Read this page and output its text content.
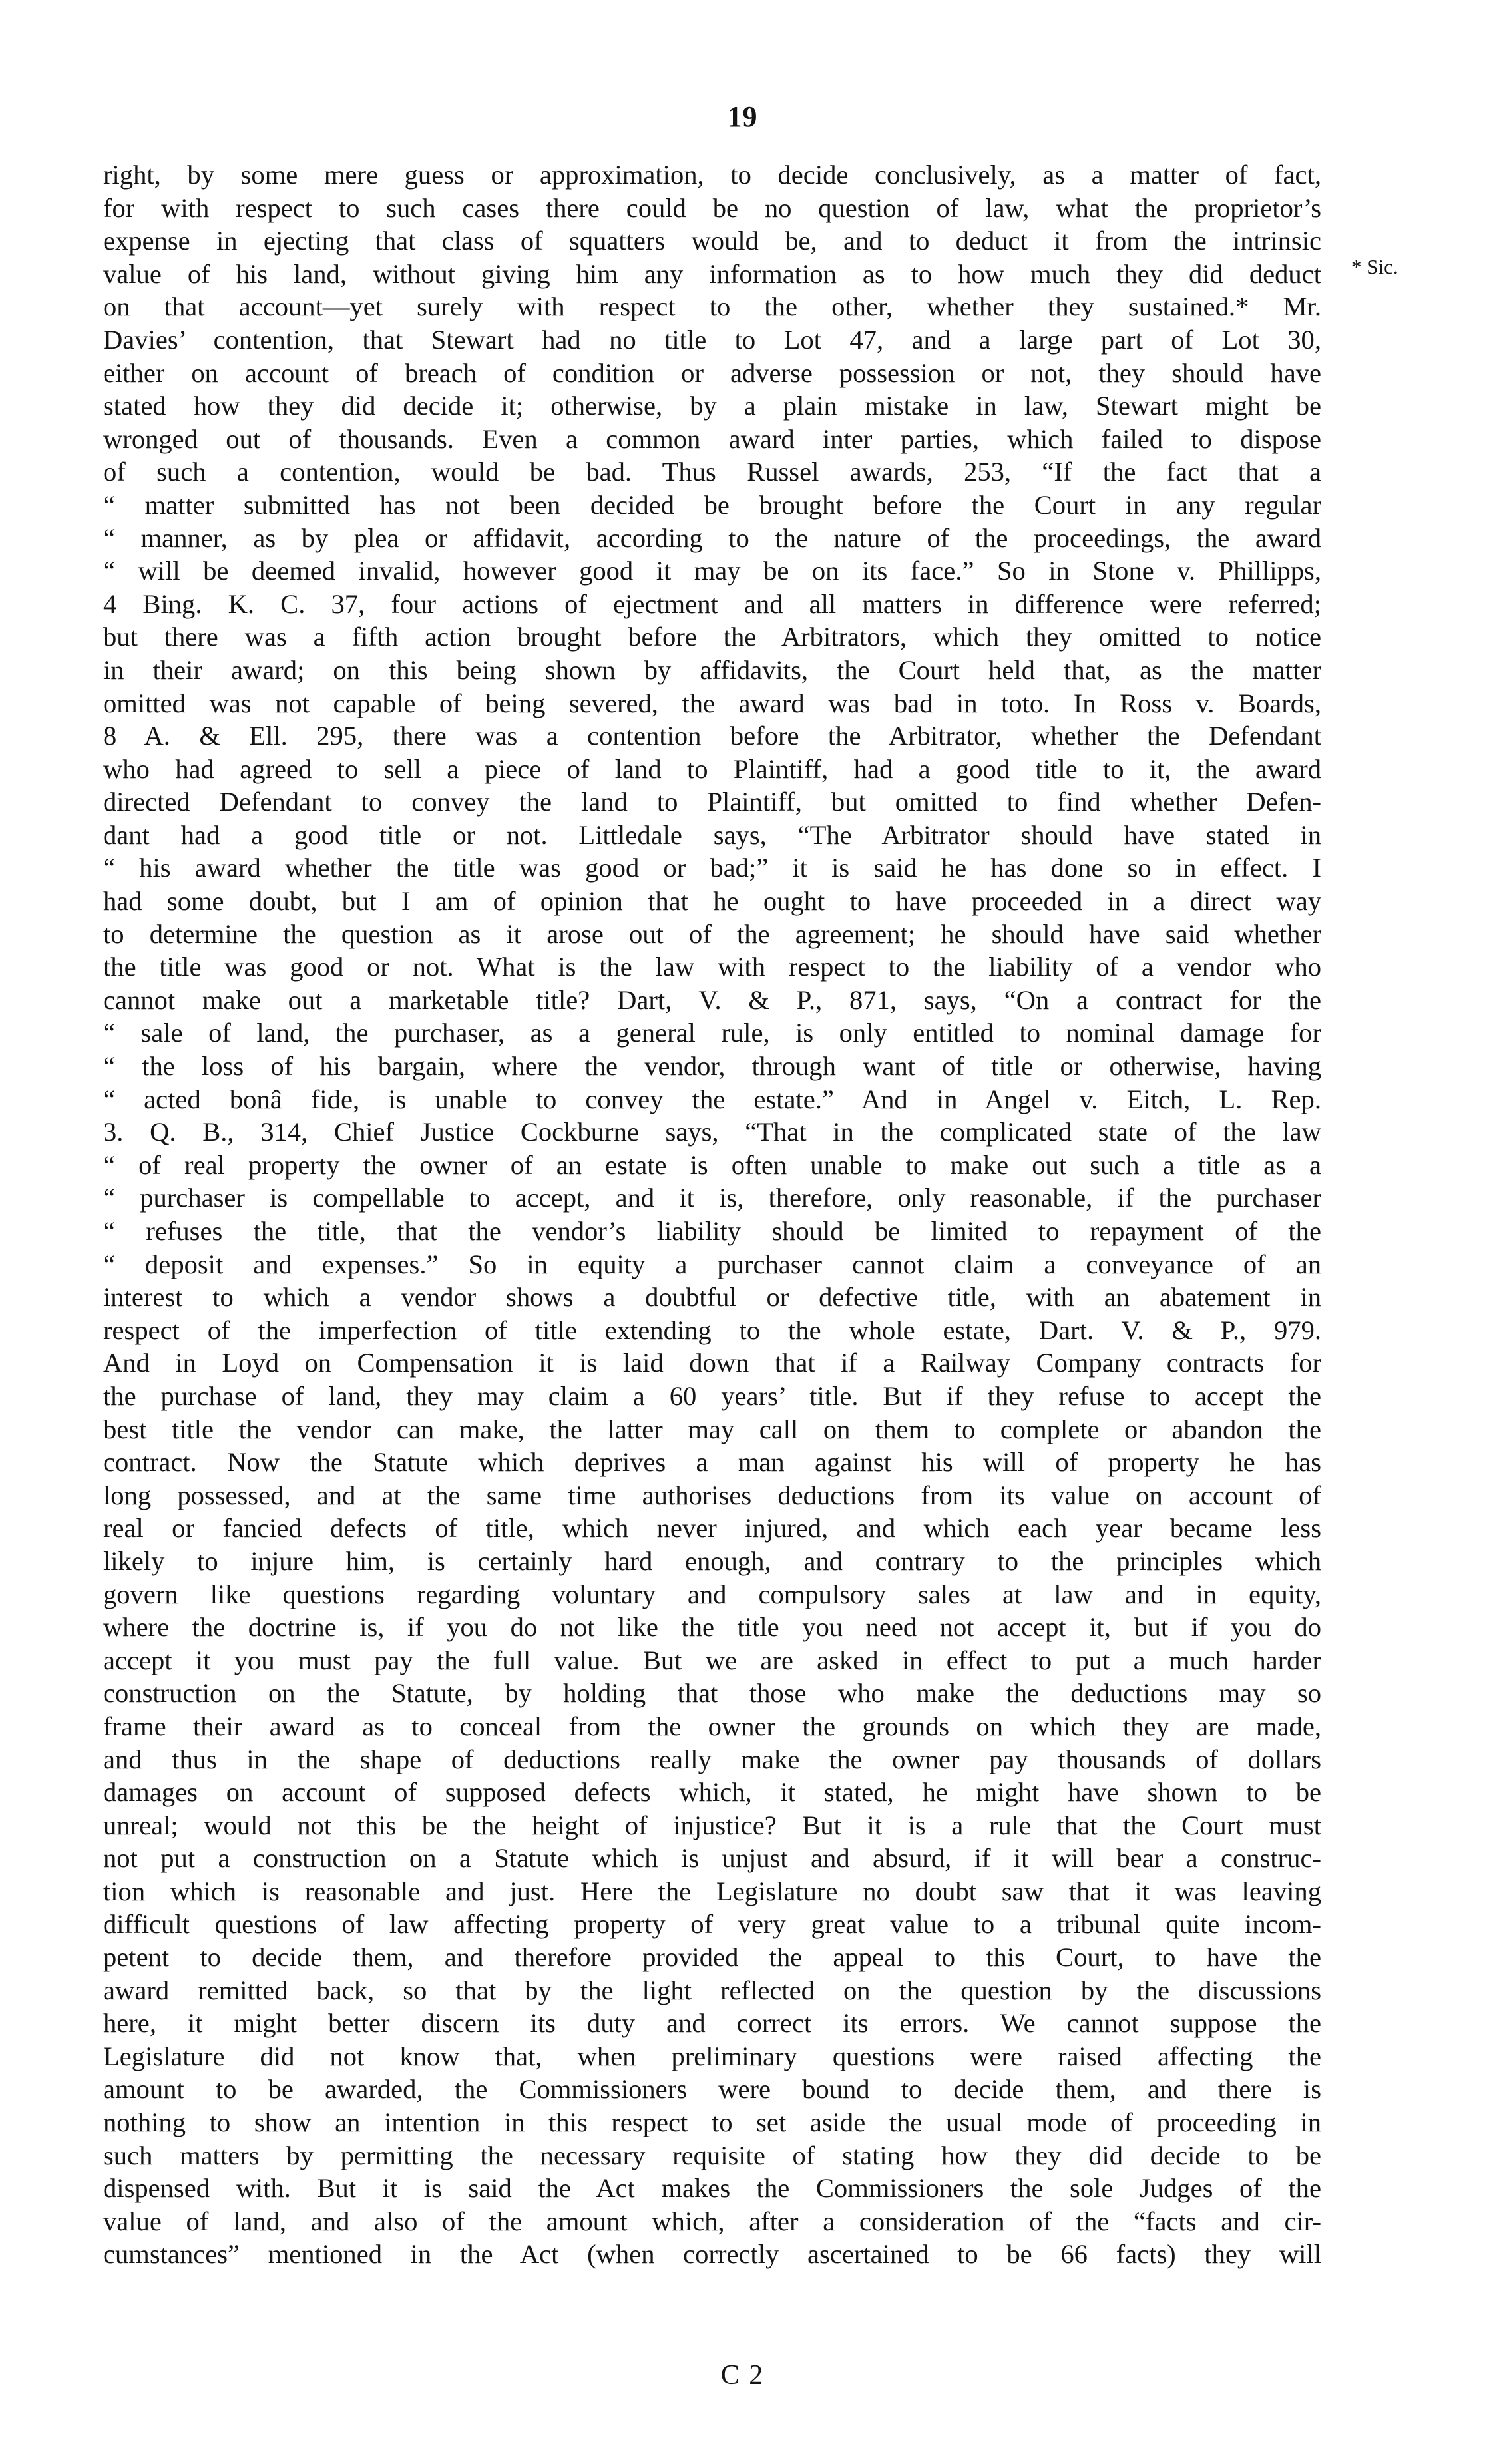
19
* Sic.
right, by some mere guess or approximation, to decide conclusively, as a matter of fact,
for with respect to such cases there could be no question of law, what the proprietor’s
expense in ejecting that class of squatters would be, and to deduct it from the intrinsic
value of his land, without giving him any information as to how much they did deduct
on that account—yet surely with respect to the other, whether they sustained.* Mr.
Davies’ contention, that Stewart had no title to Lot 47, and a large part of Lot 30,
either on account of breach of condition or adverse possession or not, they should have
stated how they did decide it; otherwise, by a plain mistake in law, Stewart might be
wronged out of thousands. Even a common award inter parties, which failed to dispose
of such a contention, would be bad. Thus Russel awards, 253, “If the fact that a
“ matter submitted has not been decided be brought before the Court in any regular
“ manner, as by plea or affidavit, according to the nature of the proceedings, the award
“ will be deemed invalid, however good it may be on its face.” So in Stone v. Phillipps,
4 Bing. K. C. 37, four actions of ejectment and all matters in difference were referred;
but there was a fifth action brought before the Arbitrators, which they omitted to notice
in their award; on this being shown by affidavits, the Court held that, as the matter
omitted was not capable of being severed, the award was bad in toto. In Ross v. Boards,
8 A. & Ell. 295, there was a contention before the Arbitrator, whether the Defendant
who had agreed to sell a piece of land to Plaintiff, had a good title to it, the award
directed Defendant to convey the land to Plaintiff, but omitted to find whether Defen-
dant had a good title or not. Littledale says, “The Arbitrator should have stated in
“ his award whether the title was good or bad;” it is said he has done so in effect. I
had some doubt, but I am of opinion that he ought to have proceeded in a direct way
to determine the question as it arose out of the agreement; he should have said whether
the title was good or not. What is the law with respect to the liability of a vendor who
cannot make out a marketable title? Dart, V. & P., 871, says, “On a contract for the
“ sale of land, the purchaser, as a general rule, is only entitled to nominal damage for
“ the loss of his bargain, where the vendor, through want of title or otherwise, having
“ acted bonâ fide, is unable to convey the estate.” And in Angel v. Eitch, L. Rep.
3. Q. B., 314, Chief Justice Cockburne says, “That in the complicated state of the law
“ of real property the owner of an estate is often unable to make out such a title as a
“ purchaser is compellable to accept, and it is, therefore, only reasonable, if the purchaser
“ refuses the title, that the vendor’s liability should be limited to repayment of the
“ deposit and expenses.” So in equity a purchaser cannot claim a conveyance of an
interest to which a vendor shows a doubtful or defective title, with an abatement in
respect of the imperfection of title extending to the whole estate, Dart. V. & P., 979.
And in Loyd on Compensation it is laid down that if a Railway Company contracts for
the purchase of land, they may claim a 60 years’ title. But if they refuse to accept the
best title the vendor can make, the latter may call on them to complete or abandon the
contract. Now the Statute which deprives a man against his will of property he has
long possessed, and at the same time authorises deductions from its value on account of
real or fancied defects of title, which never injured, and which each year became less
likely to injure him, is certainly hard enough, and contrary to the principles which
govern like questions regarding voluntary and compulsory sales at law and in equity,
where the doctrine is, if you do not like the title you need not accept it, but if you do
accept it you must pay the full value. But we are asked in effect to put a much harder
construction on the Statute, by holding that those who make the deductions may so
frame their award as to conceal from the owner the grounds on which they are made,
and thus in the shape of deductions really make the owner pay thousands of dollars
damages on account of supposed defects which, it stated, he might have shown to be
unreal; would not this be the height of injustice? But it is a rule that the Court must
not put a construction on a Statute which is unjust and absurd, if it will bear a construc-
tion which is reasonable and just. Here the Legislature no doubt saw that it was leaving
difficult questions of law affecting property of very great value to a tribunal quite incom-
petent to decide them, and therefore provided the appeal to this Court, to have the
award remitted back, so that by the light reflected on the question by the discussions
here, it might better discern its duty and correct its errors. We cannot suppose the
Legislature did not know that, when preliminary questions were raised affecting the
amount to be awarded, the Commissioners were bound to decide them, and there is
nothing to show an intention in this respect to set aside the usual mode of proceeding in
such matters by permitting the necessary requisite of stating how they did decide to be
dispensed with. But it is said the Act makes the Commissioners the sole Judges of the
value of land, and also of the amount which, after a consideration of the “facts and cir-
cumstances” mentioned in the Act (when correctly ascertained to be 66 facts) they will
C 2
